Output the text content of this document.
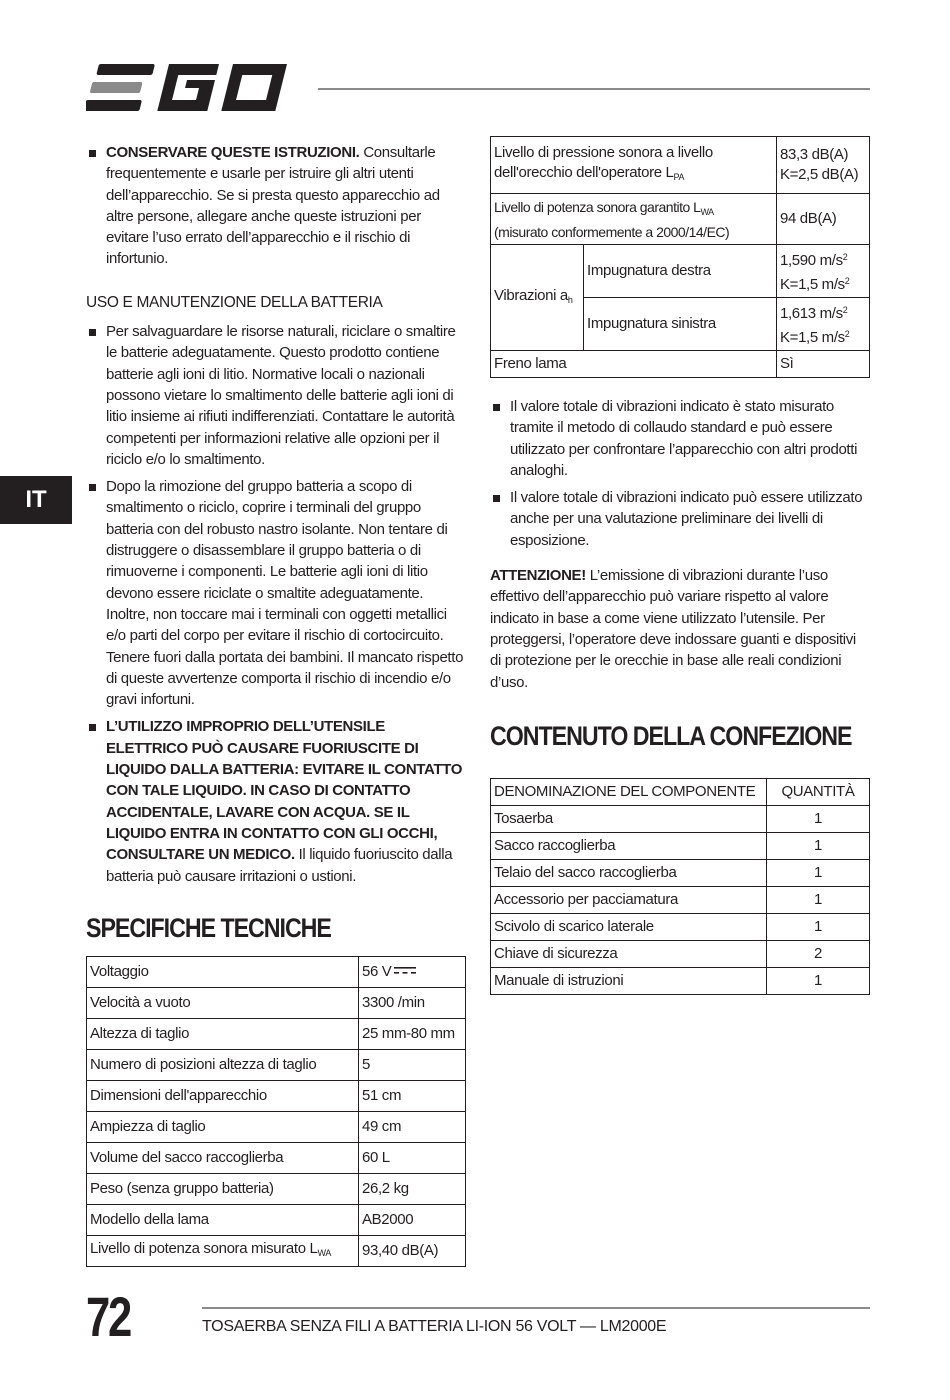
IT
CONSERVARE QUESTE ISTRUZIONI. Consultarle frequentemente e usarle per istruire gli altri utenti dell’apparecchio. Se si presta questo apparecchio ad altre persone, allegare anche queste istruzioni per evitare l’uso errato dell’apparecchio e il rischio di infortunio.
USO E MANUTENZIONE DELLA BATTERIA
Per salvaguardare le risorse naturali, riciclare o smaltire le batterie adeguatamente. Questo prodotto contiene batterie agli ioni di litio. Normative locali o nazionali possono vietare lo smaltimento delle batterie agli ioni di litio insieme ai rifiuti indifferenziati. Contattare le autorità competenti per informazioni relative alle opzioni per il riciclo e/o lo smaltimento.
Dopo la rimozione del gruppo batteria a scopo di smaltimento o riciclo, coprire i terminali del gruppo batteria con del robusto nastro isolante. Non tentare di distruggere o disassemblare il gruppo batteria o di rimuoverne i componenti. Le batterie agli ioni di litio devono essere riciclate o smaltite adeguatamente. Inoltre, non toccare mai i terminali con oggetti metallici e/o parti del corpo per evitare il rischio di cortocircuito. Tenere fuori dalla portata dei bambini. Il mancato rispetto di queste avvertenze comporta il rischio di incendio e/o gravi infortuni.
L’UTILIZZO IMPROPRIO DELL’UTENSILE ELETTRICO PUÒ CAUSARE FUORIUSCITE DI LIQUIDO DALLA BATTERIA: EVITARE IL CONTATTO CON TALE LIQUIDO. IN CASO DI CONTATTO ACCIDENTALE, LAVARE CON ACQUA. SE IL LIQUIDO ENTRA IN CONTATTO CON GLI OCCHI, CONSULTARE UN MEDICO. Il liquido fuoriuscito dalla batteria può causare irritazioni o ustioni.
SPECIFICHE TECNICHE
Voltaggio	56 V
Velocità a vuoto	3300 /min
Altezza di taglio	25 mm-80 mm
Numero di posizioni altezza di taglio	5
Dimensioni dell'apparecchio	51 cm
Ampiezza di taglio	49 cm
Volume del sacco raccoglierba	60 L
Peso (senza gruppo batteria)	26,2 kg
Modello della lama	AB2000
Livello di potenza sonora misurato $L_{WA}$	93,40 dB(A)
Livello di pressione sonora a livello dell'orecchio dell'operatore $L_{PA}$		83,3 dB(A)
K=2,5 dB(A)

Livello di potenza sonora garantito $L_{WA}$
(misurato conformemente a 2000/14/EC)		94 dB(A)
Vibrazioni $a_h$	Impugnatura destra	1,590 $m/s^2$
K=1,5 $m/s^2$

	Impugnatura sinistra	1,613 $m/s^2$
K=1,5 $m/s^2$

Freno lama		Sì
Il valore totale di vibrazioni indicato è stato misurato tramite il metodo di collaudo standard e può essere utilizzato per confrontare l’apparecchio con altri prodotti analoghi.
Il valore totale di vibrazioni indicato può essere utilizzato anche per una valutazione preliminare dei livelli di esposizione.

ATTENZIONE! L’emissione di vibrazioni durante l’uso effettivo dell’apparecchio può variare rispetto al valore indicato in base a come viene utilizzato l’utensile. Per proteggersi, l’operatore deve indossare guanti e dispositivi di protezione per le orecchie in base alle reali condizioni d’uso.

CONTENUTO DELLA CONFEZIONE
DENOMINAZIONE DEL COMPONENTE	QUANTITÀ
Tosaerba	1
Sacco raccoglierba	1
Telaio del sacco raccoglierba	1
Accessorio per pacciamatura	1
Scivolo di scarico laterale	1
Chiave di sicurezza	2
Manuale di istruzioni	1
72	TOSAERBA SENZA FILI A BATTERIA LI-ION 56 VOLT — LM2000E
